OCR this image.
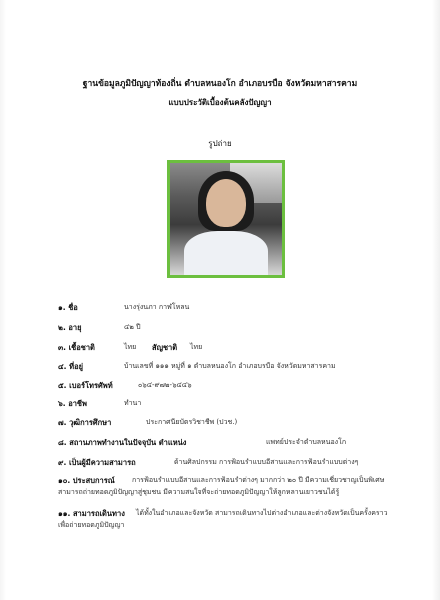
ฐานข้อมูลภูมิปัญญาท้องถิ่น ตำบลหนองโก อำเภอบรบือ จังหวัดมหาสารคาม
แบบประวัติเบื้องต้นคลังปัญญา
รูปถ่าย
๑. ชื่อ	นางรุ่งนภา กาฬโหลน
๒. อายุ	๔๒ ปี
๓. เชื้อชาติ	ไทย สัญชาติ ไทย
๔. ที่อยู่	บ้านเลขที่ ๑๑๑ หมู่ที่ ๑ ตำบลหนองโก อำเภอบรบือ จังหวัดมหาสารคาม
๕. เบอร์โทรศัพท์	๐๖๔-๙๗๒-๖๔๔๖
๖. อาชีพ	ทำนา
๗. วุฒิการศึกษา	ประกาศนียบัตรวิชาชีพ (ปวช.)
๘. สถานภาพทำงานในปัจจุบัน ตำแหน่ง	แพทย์ประจำตำบลหนองโก
๙. เป็นผู้มีความสามารถ	ด้านศิลปกรรม การฟ้อนรำแบบอีสานและการฟ้อนรำแบบต่างๆ
๑๐. ประสบการณ์ การฟ้อนรำแบบอีสานและการฟ้อนรำต่างๆ มากกว่า ๒๐ ปี มีความเชี่ยวชาญเป็นพิเศษ
สามารถถ่ายทอดภูมิปัญญาสู่ชุมชน มีความสนใจที่จะถ่ายทอดภูมิปัญญาให้ลูกหลานเยาวชนได้รู้
๑๑. สามารถเดินทาง ได้ทั้งในอำเภอและจังหวัด สามารถเดินทางไปต่างอำเภอและต่างจังหวัดเป็นครั้งคราว
เพื่อถ่ายทอดภูมิปัญญา
